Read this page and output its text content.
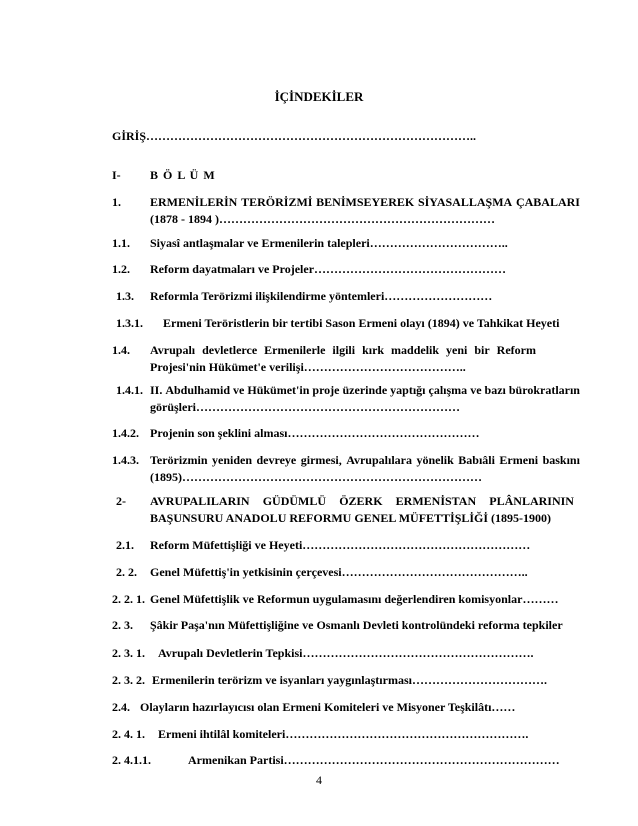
İÇİNDEKİLER
GİRİŞ………………………………………………………………………..
I- B Ö L Ü M
1. ERMENİLERİN TERÖRİZMİ BENİMSEYEREK SİYASALLAŞMA ÇABALARI
(1878 - 1894 )……………………………………………………………
1.1. Siyasî antlaşmalar ve Ermenilerin talepleri……………………………..
1.2. Reform dayatmaları ve Projeler…………………………………………
1.3. Reformla Terörizmi ilişkilendirme yöntemleri………………………
1.3.1. Ermeni Teröristlerin bir tertibi Sason Ermeni olayı (1894) ve Tahkikat Heyeti
1.4. Avrupalı devletlerce Ermenilerle ilgili kırk maddelik yeni bir Reform
Projesi'nin Hükümet'e verilişi…………………………………..
1.4.1. II. Abdulhamid ve Hükümet'in proje üzerinde yaptığı çalışma ve bazı bürokratların
görüşleri…………………………………………………………
1.4.2. Projenin son şeklini alması…………………………………………
1.4.3. Terörizmin yeniden devreye girmesi, Avrupalılara yönelik Babıâli Ermeni baskını
(1895)…………………………………………………………………
2- AVRUPALILARIN GÜDÜMLÜ ÖZERK ERMENİSTAN PLÂNLARININ
BAŞUNSURU ANADOLU REFORMU GENEL MÜFETTİŞLİĞİ (1895-1900)
2.1. Reform Müfettişliği ve Heyeti…………………………………………………
2. 2. Genel Müfettiş'in yetkisinin çerçevesi………………………………………..
2. 2. 1. Genel Müfettişlik ve Reformun uygulamasını değerlendiren komisyonlar………
2. 3. Şâkir Paşa'nın Müfettişliğine ve Osmanlı Devleti kontrolündeki reforma tepkiler
2. 3. 1. Avrupalı Devletlerin Tepkisi………………………………………………….
2. 3. 2. Ermenilerin terörizm ve isyanları yaygınlaştırması…………………………….
2.4. Olayların hazırlayıcısı olan Ermeni Komiteleri ve Misyoner Teşkilâtı……
2. 4. 1. Ermeni ihtilâl komiteleri…………………………………………………….
2. 4.1.1.	Armenikan Partisi……………………………………………………………
4
